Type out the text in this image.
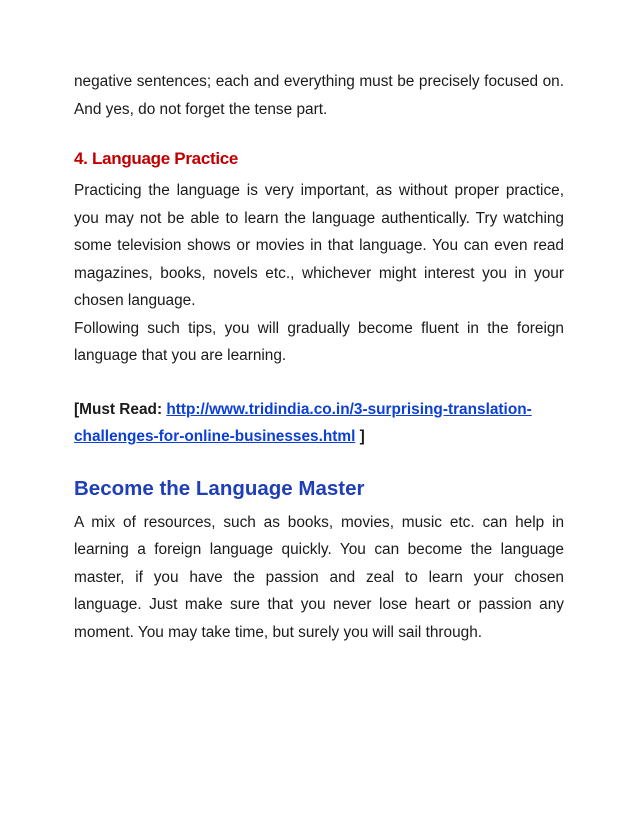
negative sentences; each and everything must be precisely focused on. And yes, do not forget the tense part.

4. Language Practice

Practicing the language is very important, as without proper practice, you may not be able to learn the language authentically. Try watching some television shows or movies in that language. You can even read magazines, books, novels etc., whichever might interest you in your chosen language.

Following such tips, you will gradually become fluent in the foreign language that you are learning.

[Must Read: http://www.tridindia.co.in/3-surprising-translation-challenges-for-online-businesses.html ]

Become the Language Master

A mix of resources, such as books, movies, music etc. can help in learning a foreign language quickly. You can become the language master, if you have the passion and zeal to learn your chosen language. Just make sure that you never lose heart or passion any moment. You may take time, but surely you will sail through.
